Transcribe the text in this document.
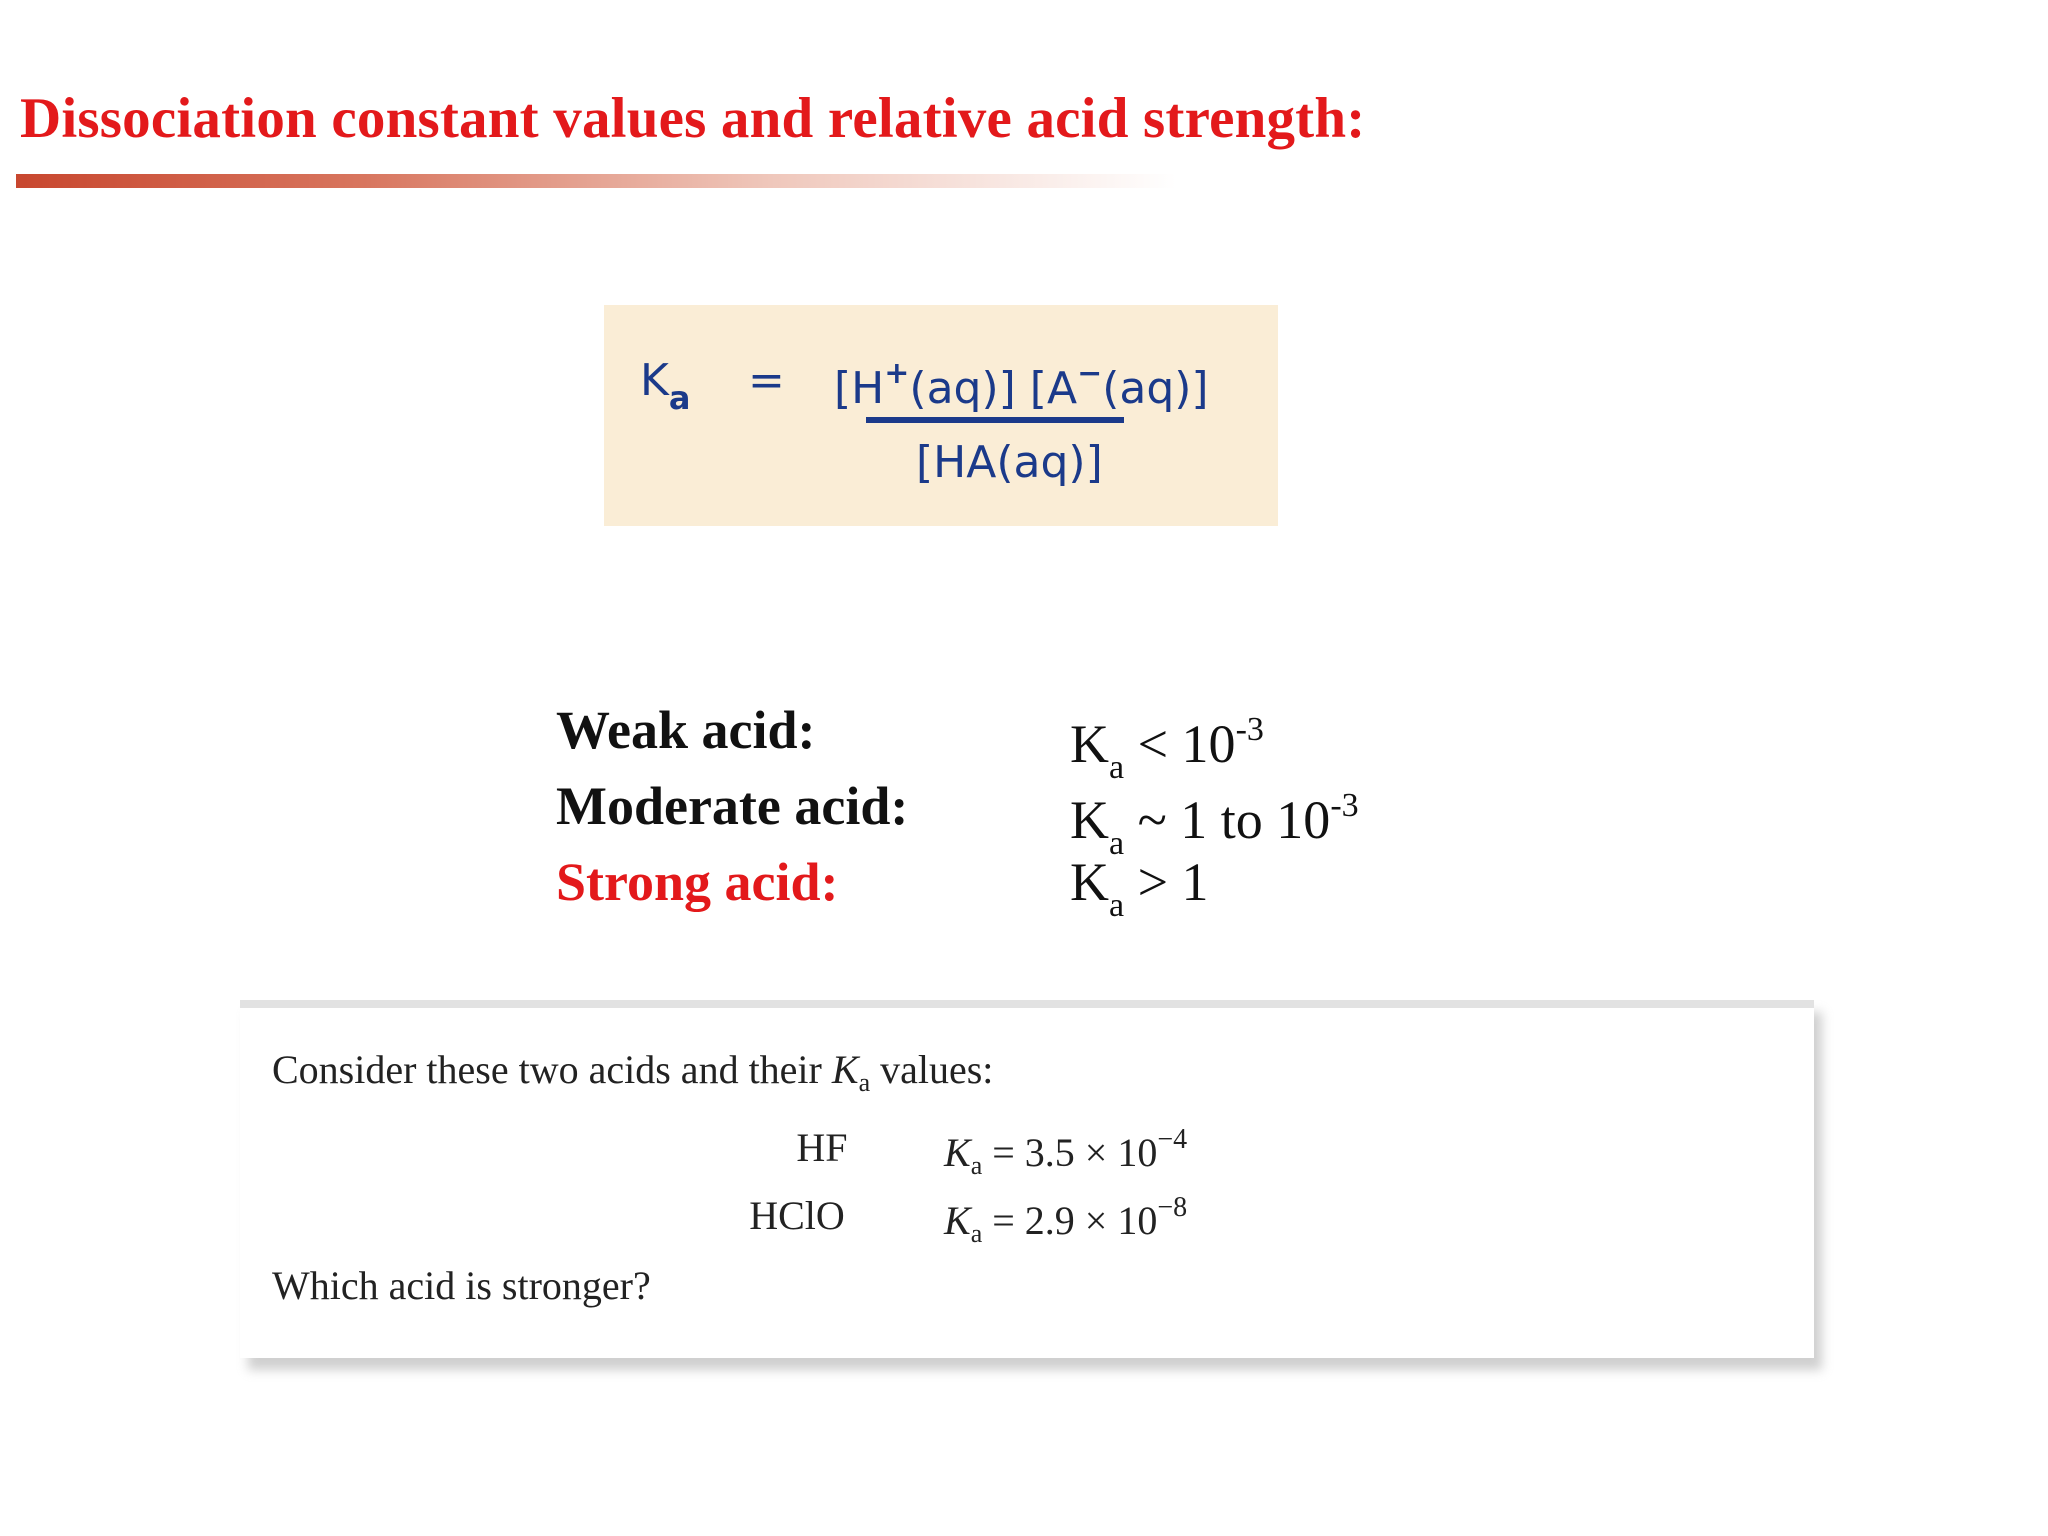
Dissociation constant values and relative acid strength:
$K_a = [H^+(aq)]$ [A−(aq)]
[HA(aq)]
Weak acid:	$K_a < 10^{-3}$
Moderate acid:	$K_a$ ~ 1 to $10^{-3}$
Strong acid:	$K_a > 1$
Consider these two acids and their $K_a$ values:
HF	$K_a = 3.5 \times 10^{-4}$
HClO	$K_a = 2.9 \times 10^{-8}$
Which acid is stronger?
